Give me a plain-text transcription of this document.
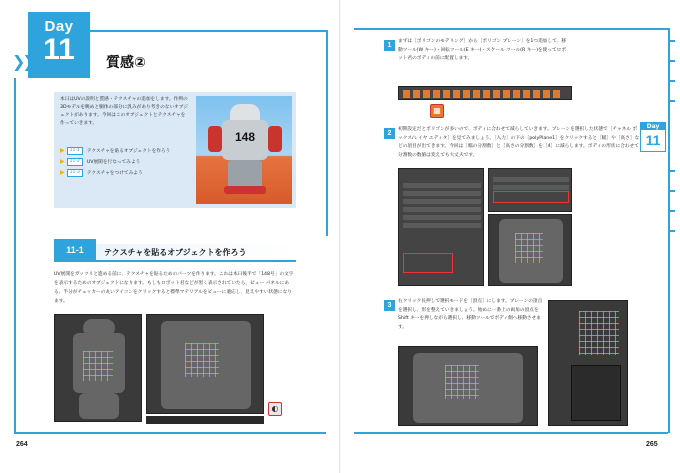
Day
11
❯❯	質感②
本日はUVの説明と質感・テクスチャの追加をします。作例の3Dモデルを眺めと胴体の部分に汎みがあり考きのないオブジェクトがあります。今回はこのオブジェクトとテクスチャを作っていきます。
▶	11-1	テクスチャを貼るオブジェクトを作ろう
▶	11-2	UV展開を行なってみよう
▶	11-3	テクスチャをつけてみよう
148
11-1	テクスチャを貼るオブジェクトを作ろう
UV展開をガッツリと進める前に、テクスチャを貼るためのパーツを作ります。これは本日後半で「148号」の文字を表示するためのオブジェクトになります。もしもロボット君などが黒く表示されていたら、ビュー パネルにある、半分がチェッカーの丸いアイコンをクリックすると標準マテリアルをビューに適応し、見えやすい状態になります。
◐
1
まずは［ポリゴンのモデリング］から［ポリゴン プレーン］を1つ追加して、移動ツール(W キー)・回転ツール(E キー)・スケール ツール(R キー)を使ってロボット君のボディの前に配置します。
▦
2
初期設定だとポリゴンが多いので、ボディに合わせて減らしていきます。プレーンを選択した状態で［チャネル ボックス/レイヤ エディタ］を見てみましょう。［入力］の下の［polyPlane1］をクリックすると［幅］や［高さ］などの項目が出てきます。今回は［幅の分割数］と［高さの分割数］を［4］に減らします。ボディの形状に合わせて分割数の数値は変えても大丈夫です。
3
右クリック長押しで選択モードを［頂点］にします。プレーンの頂点を選択し、形を整えていきましょう。始めに一番上の両角の頂点を Shift キーを押しながら選択し、移動ツールでボディ側へ移動させます。
Day
11
264	265
